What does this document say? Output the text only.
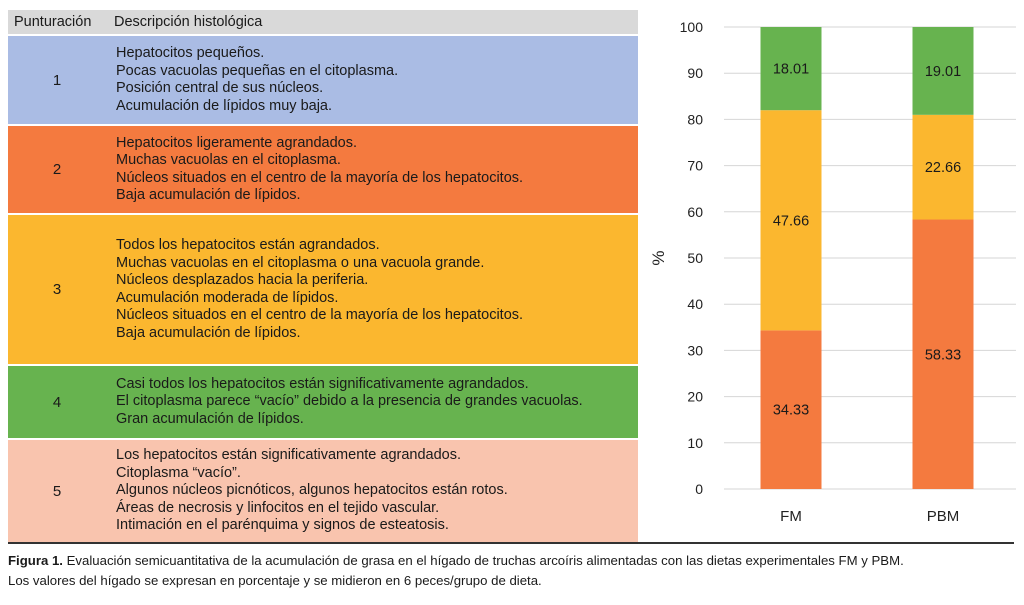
Punturación	Descripción histológica
1
Hepatocitos pequeños.
Pocas vacuolas pequeñas en el citoplasma.
Posición central de sus núcleos.
Acumulación de lípidos muy baja.
2
Hepatocitos ligeramente agrandados.
Muchas vacuolas en el citoplasma.
Núcleos situados en el centro de la mayoría de los hepatocitos.
Baja acumulación de lípidos.
3
Todos los hepatocitos están agrandados.
Muchas vacuolas en el citoplasma o una vacuola grande.
Núcleos desplazados hacia la periferia.
Acumulación moderada de lípidos.
Núcleos situados en el centro de la mayoría de los hepatocitos.
Baja acumulación de lípidos.
4
Casi todos los hepatocitos están significativamente agrandados.
El citoplasma parece “vacío” debido a la presencia de grandes vacuolas.
Gran acumulación de lípidos.
5
Los hepatocitos están significativamente agrandados.
Citoplasma “vacío”.
Algunos núcleos picnóticos, algunos hepatocitos están rotos.
Áreas de necrosis y linfocitos en el tejido vascular.
Intimación en el parénquima y signos de esteatosis.
0
10
20
30
40
50
60
70
80
90
100
%
34.33
47.66
18.01
FM
58.33
22.66
19.01
PBM
Figura 1. Evaluación semicuantitativa de la acumulación de grasa en el hígado de truchas arcoíris alimentadas con las dietas experimentales FM y PBM.
Los valores del hígado se expresan en porcentaje y se midieron en 6 peces/grupo de dieta.
